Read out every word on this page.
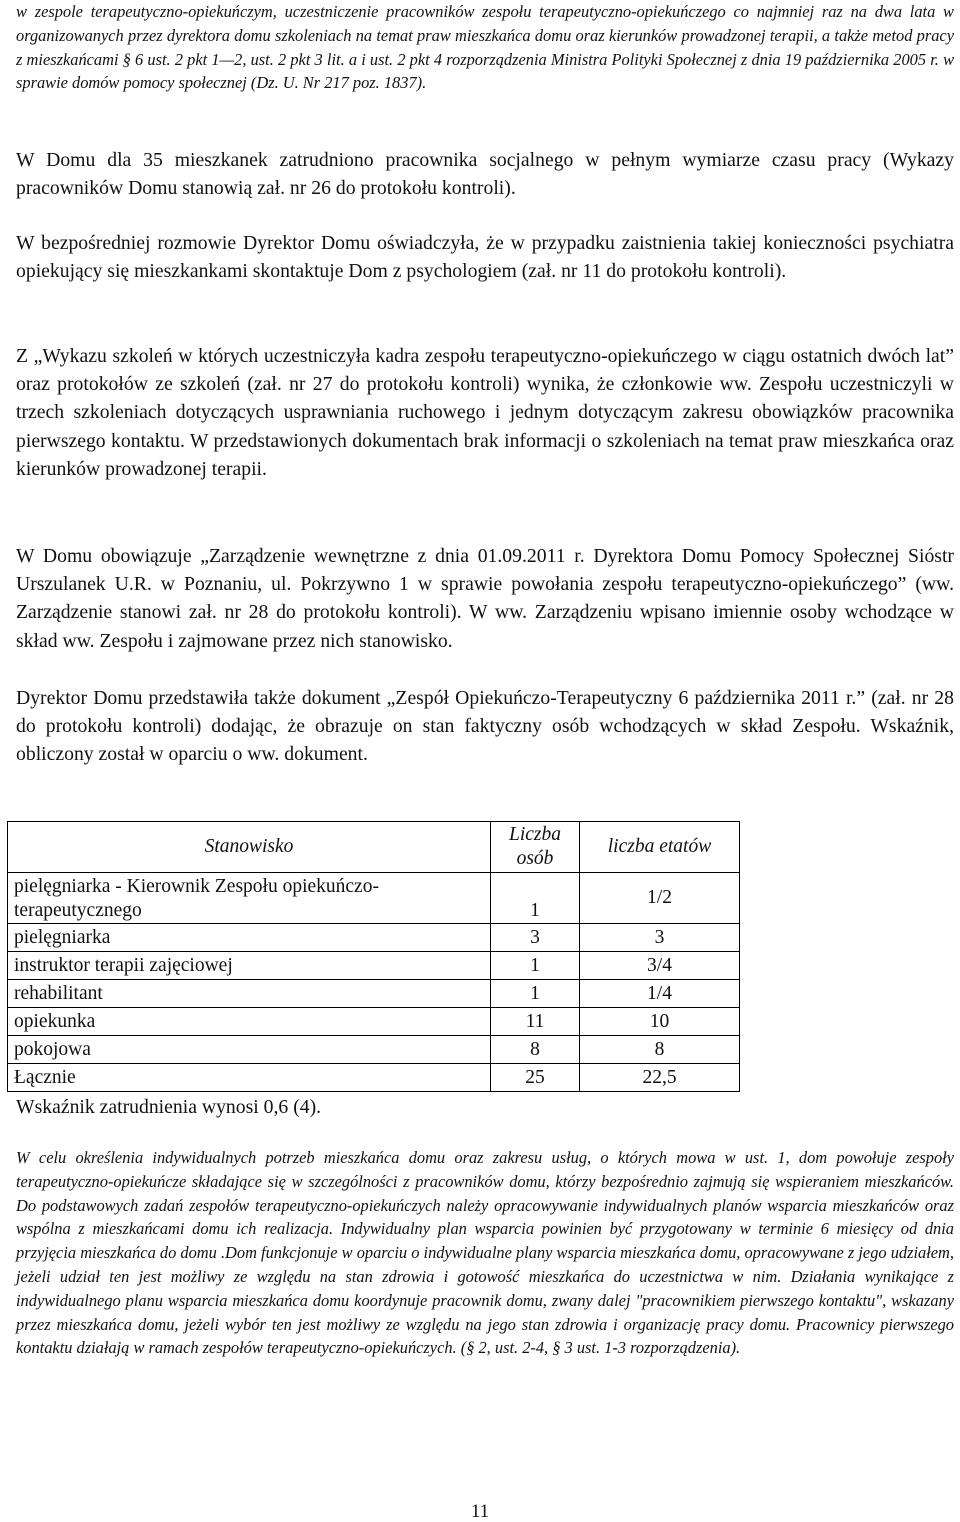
w zespole terapeutyczno-opiekuńczym, uczestniczenie pracowników zespołu terapeutyczno-opiekuńczego co najmniej raz na dwa lata w organizowanych przez dyrektora domu szkoleniach na temat praw mieszkańca domu oraz kierunków prowadzonej terapii, a także metod pracy z mieszkańcami § 6 ust. 2 pkt 1—2, ust. 2 pkt 3 lit. a i ust. 2 pkt 4 rozporządzenia Ministra Polityki Społecznej z dnia 19 października 2005 r. w sprawie domów pomocy społecznej (Dz. U. Nr 217 poz. 1837).

W Domu dla 35 mieszkanek zatrudniono pracownika socjalnego w pełnym wymiarze czasu pracy (Wykazy pracowników Domu stanowią zał. nr 26 do protokołu kontroli).

W bezpośredniej rozmowie Dyrektor Domu oświadczyła, że w przypadku zaistnienia takiej konieczności psychiatra opiekujący się mieszkankami skontaktuje Dom z psychologiem (zał. nr 11 do protokołu kontroli).

Z „Wykazu szkoleń w których uczestniczyła kadra zespołu terapeutyczno-opiekuńczego w ciągu ostatnich dwóch lat” oraz protokołów ze szkoleń (zał. nr 27 do protokołu kontroli) wynika, że członkowie ww. Zespołu uczestniczyli w trzech szkoleniach dotyczących usprawniania ruchowego i jednym dotyczącym zakresu obowiązków pracownika pierwszego kontaktu. W przedstawionych dokumentach brak informacji o szkoleniach na temat praw mieszkańca oraz kierunków prowadzonej terapii.

W Domu obowiązuje „Zarządzenie wewnętrzne z dnia 01.09.2011 r. Dyrektora Domu Pomocy Społecznej Sióstr Urszulanek U.R. w Poznaniu, ul. Pokrzywno 1 w sprawie powołania zespołu terapeutyczno-opiekuńczego” (ww. Zarządzenie stanowi zał. nr 28 do protokołu kontroli). W ww. Zarządzeniu wpisano imiennie osoby wchodzące w skład ww. Zespołu i zajmowane przez nich stanowisko.

Dyrektor Domu przedstawiła także dokument „Zespół Opiekuńczo-Terapeutyczny 6 października 2011 r.” (zał. nr 28 do protokołu kontroli) dodając, że obrazuje on stan faktyczny osób wchodzących w skład Zespołu. Wskaźnik, obliczony został w oparciu o ww. dokument.

Stanowisko	Liczba osób	liczba etatów
pielęgniarka - Kierownik Zespołu opiekuńczo-terapeutycznego	1	1/2
pielęgniarka	3	3
instruktor terapii zajęciowej	1	3/4
rehabilitant	1	1/4
opiekunka	11	10
pokojowa	8	8
Łącznie	25	22,5

Wskaźnik zatrudnienia wynosi 0,6 (4).

W celu określenia indywidualnych potrzeb mieszkańca domu oraz zakresu usług, o których mowa w ust. 1, dom powołuje zespoły terapeutyczno-opiekuńcze składające się w szczególności z pracowników domu, którzy bezpośrednio zajmują się wspieraniem mieszkańców. Do podstawowych zadań zespołów terapeutyczno-opiekuńczych należy opracowywanie indywidualnych planów wsparcia mieszkańców oraz wspólna z mieszkańcami domu ich realizacja. Indywidualny plan wsparcia powinien być przygotowany w terminie 6 miesięcy od dnia przyjęcia mieszkańca do domu .Dom funkcjonuje w oparciu o indywidualne plany wsparcia mieszkańca domu, opracowywane z jego udziałem, jeżeli udział ten jest możliwy ze względu na stan zdrowia i gotowość mieszkańca do uczestnictwa w nim. Działania wynikające z indywidualnego planu wsparcia mieszkańca domu koordynuje pracownik domu, zwany dalej "pracownikiem pierwszego kontaktu", wskazany przez mieszkańca domu, jeżeli wybór ten jest możliwy ze względu na jego stan zdrowia i organizację pracy domu. Pracownicy pierwszego kontaktu działają w ramach zespołów terapeutyczno-opiekuńczych. (§ 2, ust. 2-4, § 3 ust. 1-3 rozporządzenia).

11
